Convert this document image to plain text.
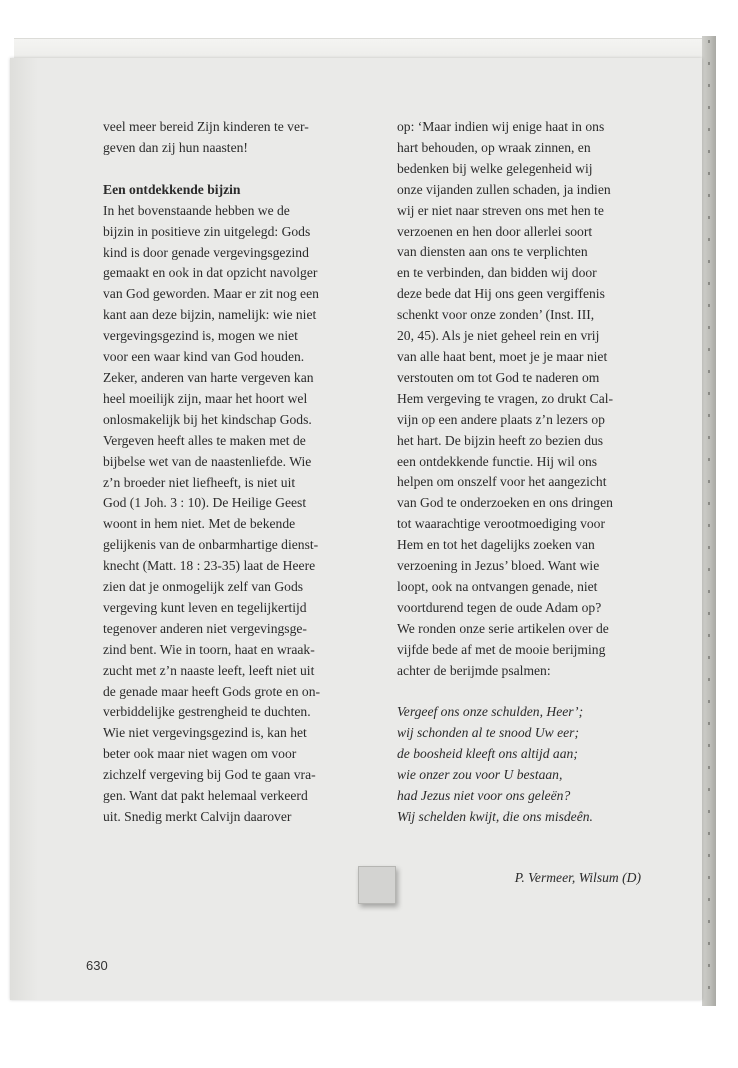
veel meer bereid Zijn kinderen te ver-

geven dan zij hun naasten!

Een ontdekkende bijzin

In het bovenstaande hebben we de

bijzin in positieve zin uitgelegd: Gods

kind is door genade vergevingsgezind

gemaakt en ook in dat opzicht navolger

van God geworden. Maar er zit nog een

kant aan deze bijzin, namelijk: wie niet

vergevingsgezind is, mogen we niet

voor een waar kind van God houden.

Zeker, anderen van harte vergeven kan

heel moeilijk zijn, maar het hoort wel

onlosmakelijk bij het kindschap Gods.

Vergeven heeft alles te maken met de

bijbelse wet van de naastenliefde. Wie

z’n broeder niet liefheeft, is niet uit

God (1 Joh. 3 : 10). De Heilige Geest

woont in hem niet. Met de bekende

gelijkenis van de onbarmhartige dienst-

knecht (Matt. 18 : 23-35) laat de Heere

zien dat je onmogelijk zelf van Gods

vergeving kunt leven en tegelijkertijd

tegenover anderen niet vergevingsge-

zind bent. Wie in toorn, haat en wraak-

zucht met z’n naaste leeft, leeft niet uit

de genade maar heeft Gods grote en on-

verbiddelijke gestrengheid te duchten.

Wie niet vergevingsgezind is, kan het

beter ook maar niet wagen om voor

zichzelf vergeving bij God te gaan vra-

gen. Want dat pakt helemaal verkeerd

uit. Snedig merkt Calvijn daarover

op: ‘Maar indien wij enige haat in ons

hart behouden, op wraak zinnen, en

bedenken bij welke gelegenheid wij

onze vijanden zullen schaden, ja indien

wij er niet naar streven ons met hen te

verzoenen en hen door allerlei soort

van diensten aan ons te verplichten

en te verbinden, dan bidden wij door

deze bede dat Hij ons geen vergiffenis

schenkt voor onze zonden’ (Inst. III,

20, 45). Als je niet geheel rein en vrij

van alle haat bent, moet je je maar niet

verstouten om tot God te naderen om

Hem vergeving te vragen, zo drukt Cal-

vijn op een andere plaats z’n lezers op

het hart. De bijzin heeft zo bezien dus

een ontdekkende functie. Hij wil ons

helpen om onszelf voor het aangezicht

van God te onderzoeken en ons dringen

tot waarachtige verootmoediging voor

Hem en tot het dagelijks zoeken van

verzoening in Jezus’ bloed. Want wie

loopt, ook na ontvangen genade, niet

voortdurend tegen de oude Adam op?

We ronden onze serie artikelen over de

vijfde bede af met de mooie berijming

achter de berijmde psalmen:

Vergeef ons onze schulden, Heer’;

wij schonden al te snood Uw eer;

de boosheid kleeft ons altijd aan;

wie onzer zou voor U bestaan,

had Jezus niet voor ons geleën?

Wij schelden kwijt, die ons misdeên.

P. Vermeer, Wilsum (D)
630
